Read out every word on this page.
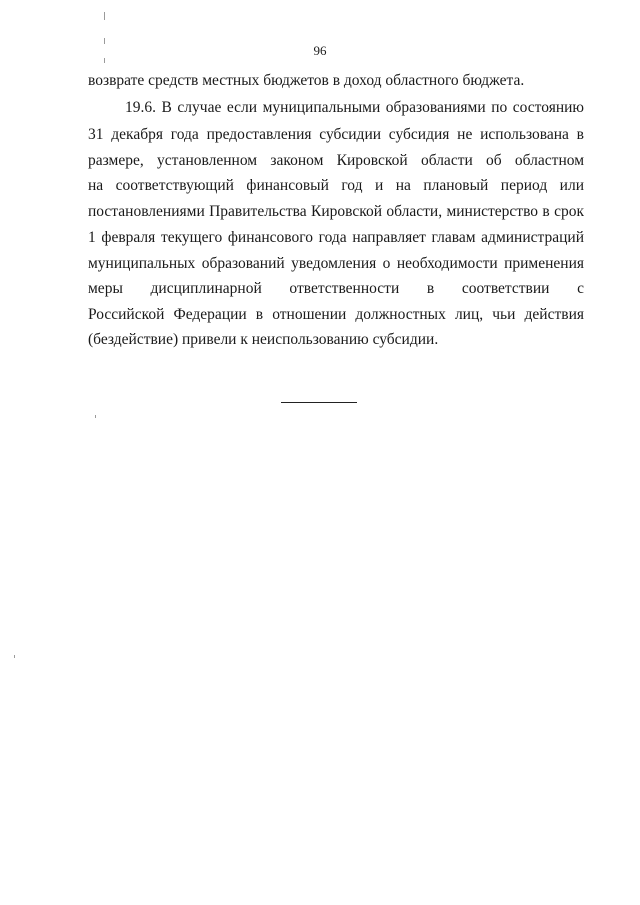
96
возврате средств местных бюджетов в доход областного бюджета.
19.6. В случае если муниципальными образованиями по состоянию
31 декабря года предоставления субсидии субсидия не использована в
размере, установленном законом Кировской области об областном
на соответствующий финансовый год и на плановый период или
постановлениями Правительства Кировской области, министерство в срок
1 февраля текущего финансового года направляет главам администраций
муниципальных образований уведомления о необходимости применения
меры дисциплинарной ответственности в соответствии с
Российской Федерации в отношении должностных лиц, чьи действия
(бездействие) привели к неиспользованию субсидии.
